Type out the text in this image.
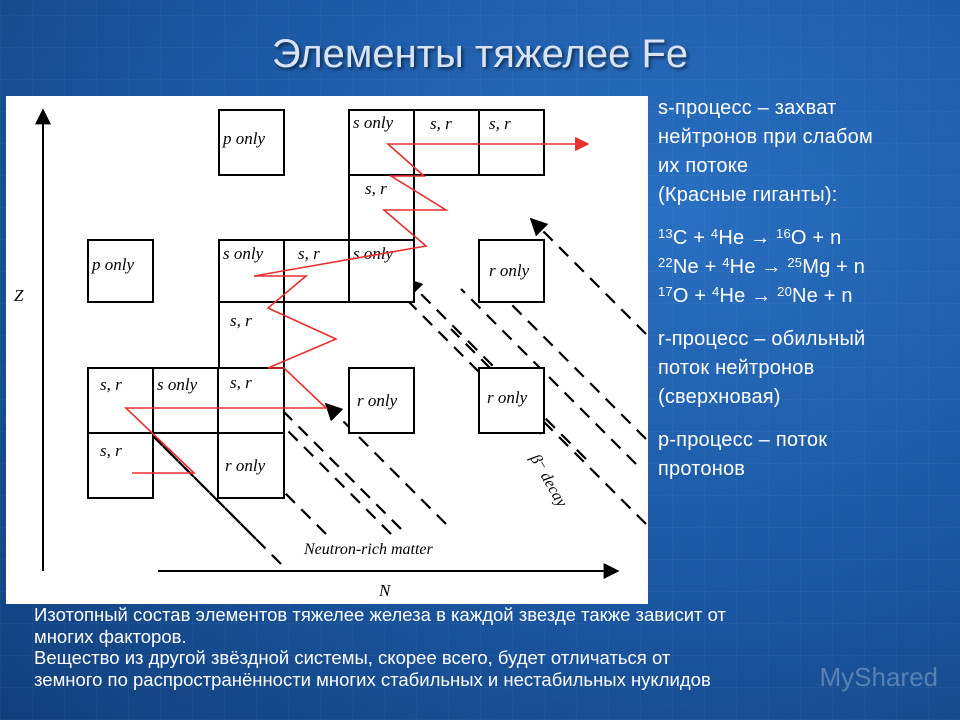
Элементы тяжелее Fe
p only
s only s, r s, r
s, r
p only
s only s, r s only
r only
s, r
s, r s only s, r
r only	r only
s, r
r only
Z
N
Neutron-rich matter
β⁻ decay

s-процесс – захват

нейтронов при слабом

их потоке

(Красные гиганты):

$^{13}$C + $^4$He → $^{16}$O + n

$^{22}$Ne + $^4$He → $^{25}$Mg + n

$^{17}$O + $^4$He → $^{20}$Ne + n

r-процесс – обильный

поток нейтронов

(сверхновая)

р-процесс – поток

протонов

Изотопный состав элементов тяжелее железа в каждой звезде также зависит от

многих факторов.

Вещество из другой звёздной системы, скорее всего, будет отличаться от

земного по распространённости многих стабильных и нестабильных нуклидов	MyShared
